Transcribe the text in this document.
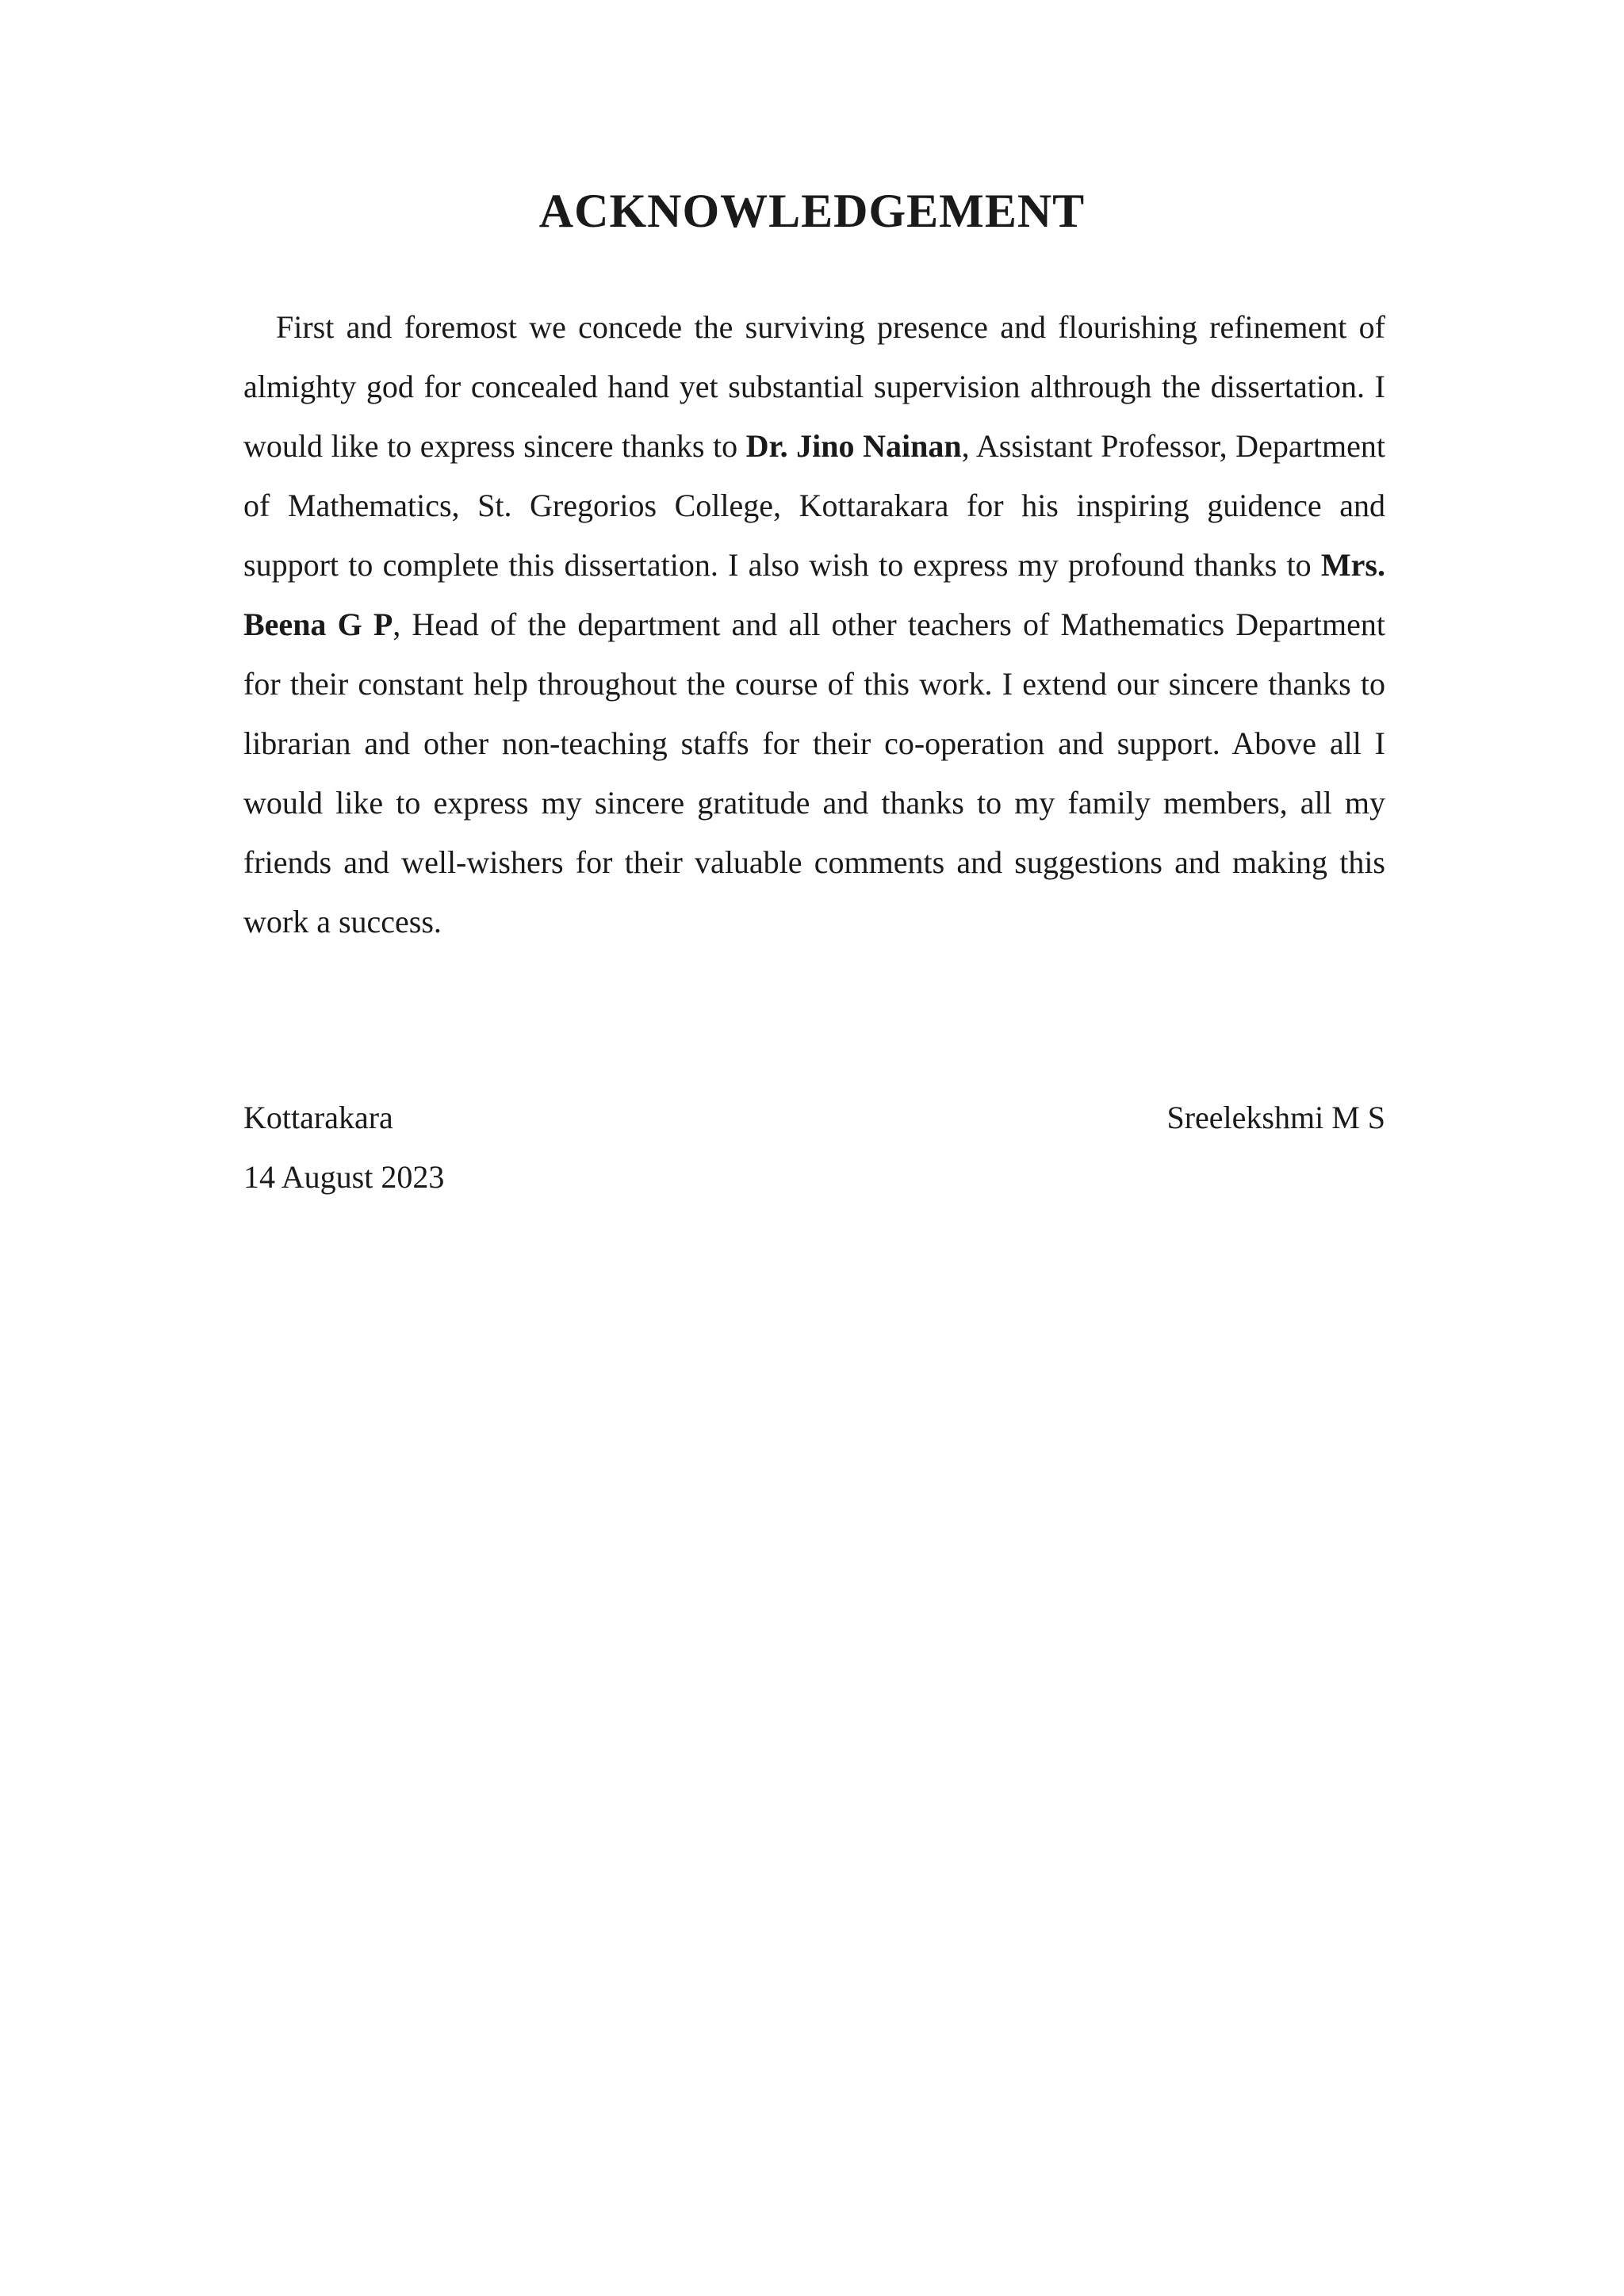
ACKNOWLEDGEMENT

First and foremost we concede the surviving presence and flourishing refinement of almighty god for concealed hand yet substantial supervision althrough the dissertation. I would like to express sincere thanks to Dr. Jino Nainan, Assistant Professor, Department of Mathematics, St. Gregorios College, Kottarakara for his inspiring guidence and support to complete this dissertation. I also wish to express my profound thanks to Mrs. Beena G P, Head of the department and all other teachers of Mathematics Department for their constant help throughout the course of this work. I extend our sincere thanks to librarian and other non-teaching staffs for their co-operation and support. Above all I would like to express my sincere gratitude and thanks to my family members, all my friends and well-wishers for their valuable comments and suggestions and making this work a success.

Kottarakara	Sreelekshmi M S
14 August 2023
